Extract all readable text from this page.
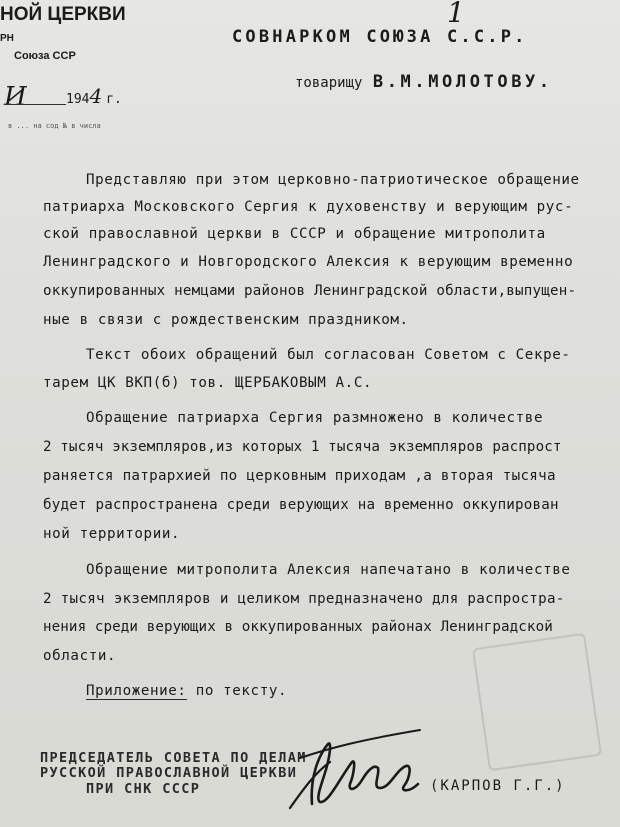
НОЙ ЦЕРКВИ
РН
Союза ССР
И	1944 г.
в ... на сод № в числа
1
СОВНАРКОМ СОЮЗА С.С.Р.
товарищу В.М.МОЛОТОВУ.
Представляю при этом церковно-патриотическое обращение
патриарха Московского Сергия к духовенству и верующим рус-
ской православной церкви в СССР и обращение митрополита
Ленинградского и Новгородского Алексия к верующим временно
оккупированных немцами районов Ленинградской области,выпущен-
ные в связи с рождественским праздником.
Текст обоих обращений был согласован Советом с Секре-
тарем ЦК ВКП(б) тов. ЩЕРБАКОВЫМ А.С.
Обращение патриарха Сергия размножено в количестве
2 тысяч экземпляров,из которых 1 тысяча экземпляров распрост
раняется патрархией по церковным приходам ,а вторая тысяча
будет распространена среди верующих на временно оккупирован
ной территории.
Обращение митрополита Алексия напечатано в количестве
2 тысяч экземпляров и целиком предназначено для распростра-
нения среди верующих в оккупированных районах Ленинградской
области.
Приложение: по тексту.
ПРЕДСЕДАТЕЛЬ СОВЕТА ПО ДЕЛАМ
РУССКОЙ ПРАВОСЛАВНОЙ ЦЕРКВИ
ПРИ СНК СССР	(КАРПОВ Г.Г.)
